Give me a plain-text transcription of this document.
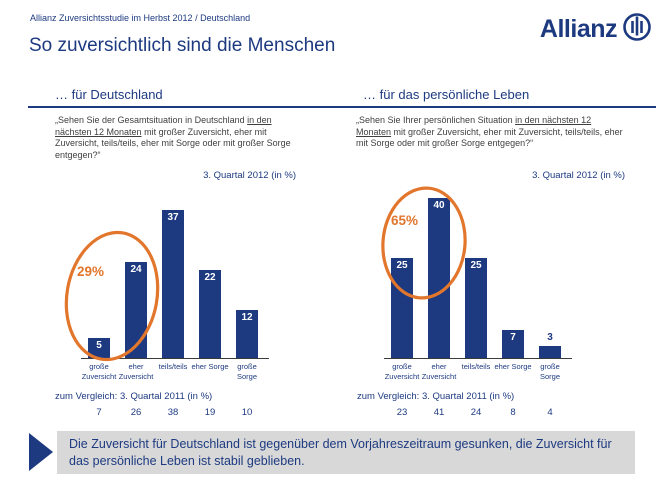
Allianz Zuversichtsstudie im Herbst 2012 / Deutschland	Allianz
So zuversichtlich sind die Menschen
… für Deutschland	… für das persönliche Leben
„Sehen Sie der Gesamtsituation in Deutschland in den nächsten 12 Monaten mit großer Zuversicht, eher mit Zuversicht, teils/teils, eher mit Sorge oder mit großer Sorge entgegen?“
„Sehen Sie Ihrer persönlichen Situation in den nächsten 12 Monaten mit großer Zuversicht, eher mit Zuversicht, teils/teils, eher mit Sorge oder mit großer Sorge entgegen?“
3. Quartal 2012 (in %)	3. Quartal 2012 (in %)
5
24
37
22
12
25
40
25
7	3
große
Zuversicht
eher
Zuversicht
teils/teils eher Sorge	große
Sorge
große
Zuversicht
eher
Zuversicht
teils/teils eher Sorge	große
Sorge
29%
65%
zum Vergleich: 3. Quartal 2011 (in %)	zum Vergleich: 3. Quartal 2011 (in %)
7	26	38	19	10	23	41	24	8	4
Die Zuversicht für Deutschland ist gegenüber dem Vorjahreszeitraum gesunken, die Zuversicht für das persönliche Leben ist stabil geblieben.
